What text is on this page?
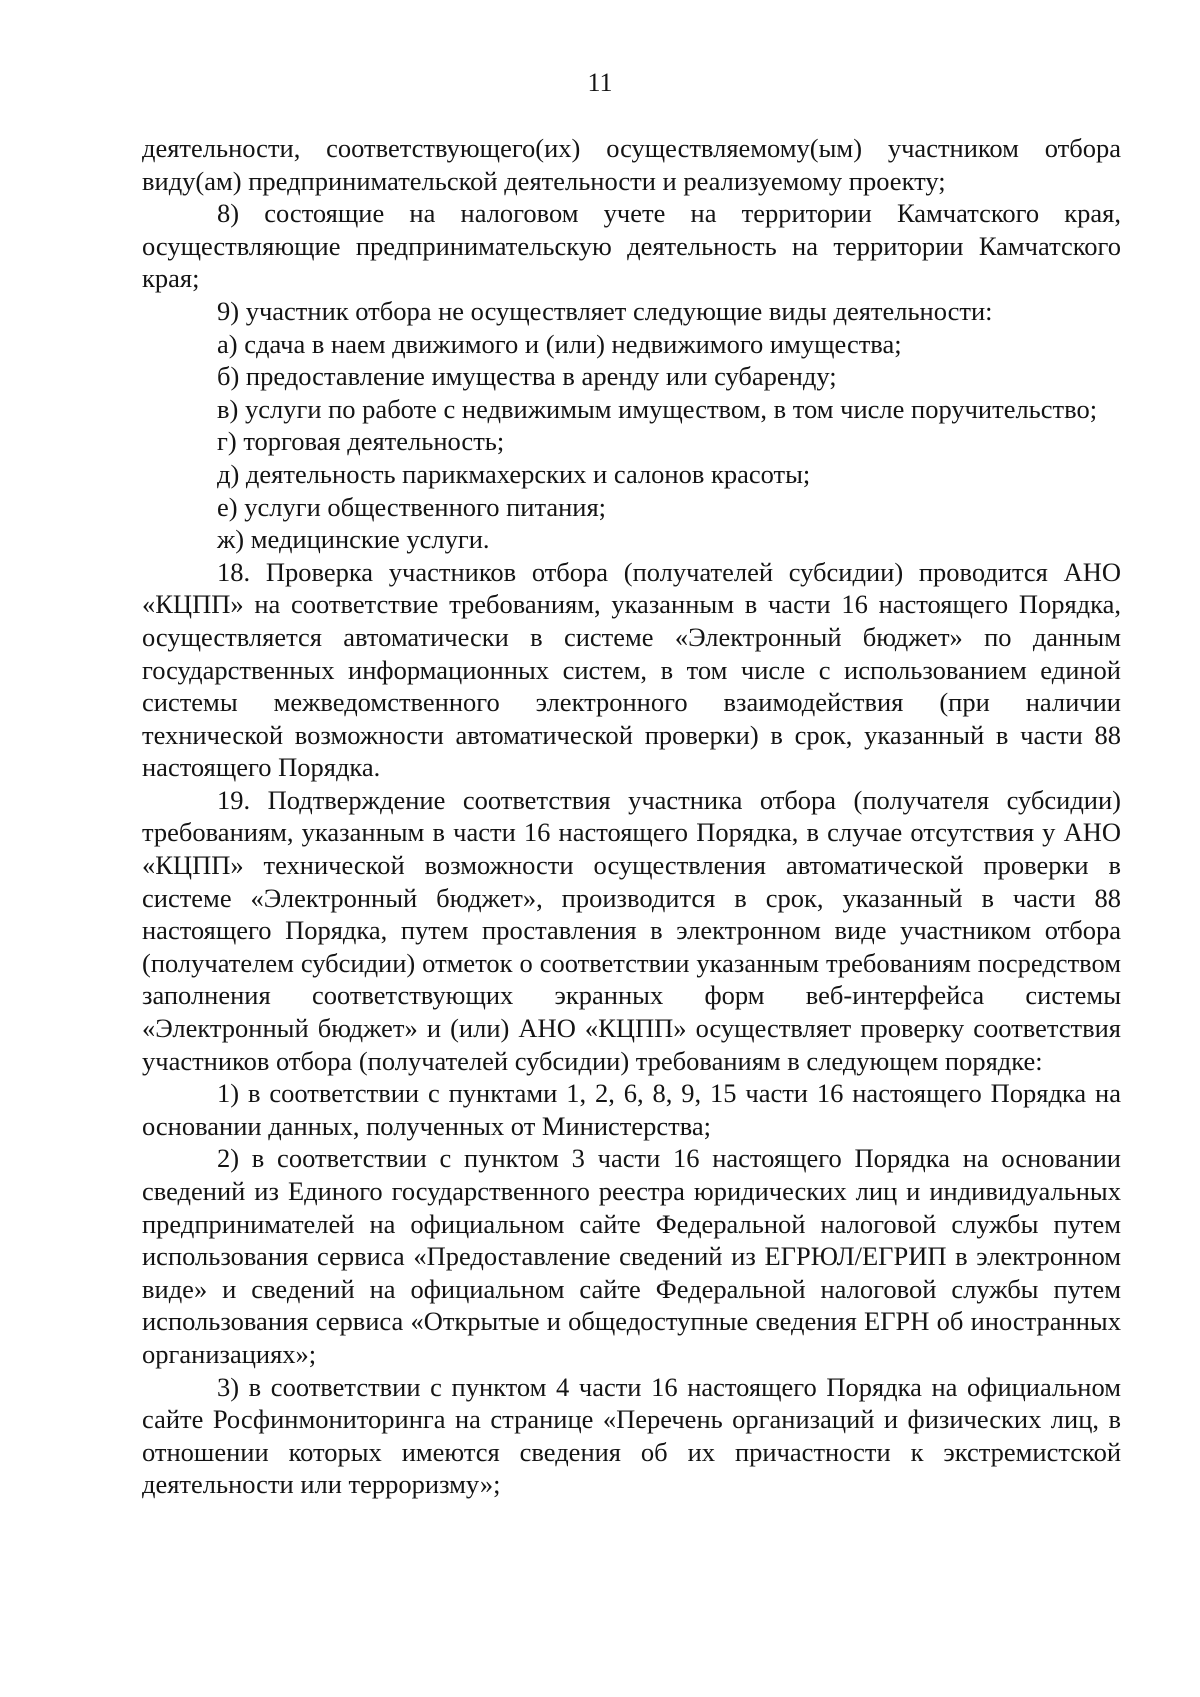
11

деятельности, соответствующего(их) осуществляемому(ым) участником отбора виду(ам) предпринимательской деятельности и реализуемому проекту;

8) состоящие на налоговом учете на территории Камчатского края, осуществляющие предпринимательскую деятельность на территории Камчатского края;

9) участник отбора не осуществляет следующие виды деятельности:

а) сдача в наем движимого и (или) недвижимого имущества;

б) предоставление имущества в аренду или субаренду;

в) услуги по работе с недвижимым имуществом, в том числе поручительство;

г) торговая деятельность;

д) деятельность парикмахерских и салонов красоты;

е) услуги общественного питания;

ж) медицинские услуги.

18. Проверка участников отбора (получателей субсидии) проводится АНО «КЦПП» на соответствие требованиям, указанным в части 16 настоящего Порядка, осуществляется автоматически в системе «Электронный бюджет» по данным государственных информационных систем, в том числе с использованием единой системы межведомственного электронного взаимодействия (при наличии технической возможности автоматической проверки) в срок, указанный в части 88 настоящего Порядка.

19. Подтверждение соответствия участника отбора (получателя субсидии) требованиям, указанным в части 16 настоящего Порядка, в случае отсутствия у АНО «КЦПП» технической возможности осуществления автоматической проверки в системе «Электронный бюджет», производится в срок, указанный в части 88 настоящего Порядка, путем проставления в электронном виде участником отбора (получателем субсидии) отметок о соответствии указанным требованиям посредством заполнения соответствующих экранных форм веб-интерфейса системы «Электронный бюджет» и (или) АНО «КЦПП» осуществляет проверку соответствия участников отбора (получателей субсидии) требованиям в следующем порядке:

1) в соответствии с пунктами 1, 2, 6, 8, 9, 15 части 16 настоящего Порядка на основании данных, полученных от Министерства;

2) в соответствии с пунктом 3 части 16 настоящего Порядка на основании сведений из Единого государственного реестра юридических лиц и индивидуальных предпринимателей на официальном сайте Федеральной налоговой службы путем использования сервиса «Предоставление сведений из ЕГРЮЛ/ЕГРИП в электронном виде» и сведений на официальном сайте Федеральной налоговой службы путем использования сервиса «Открытые и общедоступные сведения ЕГРН об иностранных организациях»;

3) в соответствии с пунктом 4 части 16 настоящего Порядка на официальном сайте Росфинмониторинга на странице «Перечень организаций и физических лиц, в отношении которых имеются сведения об их причастности к экстремистской деятельности или терроризму»;
